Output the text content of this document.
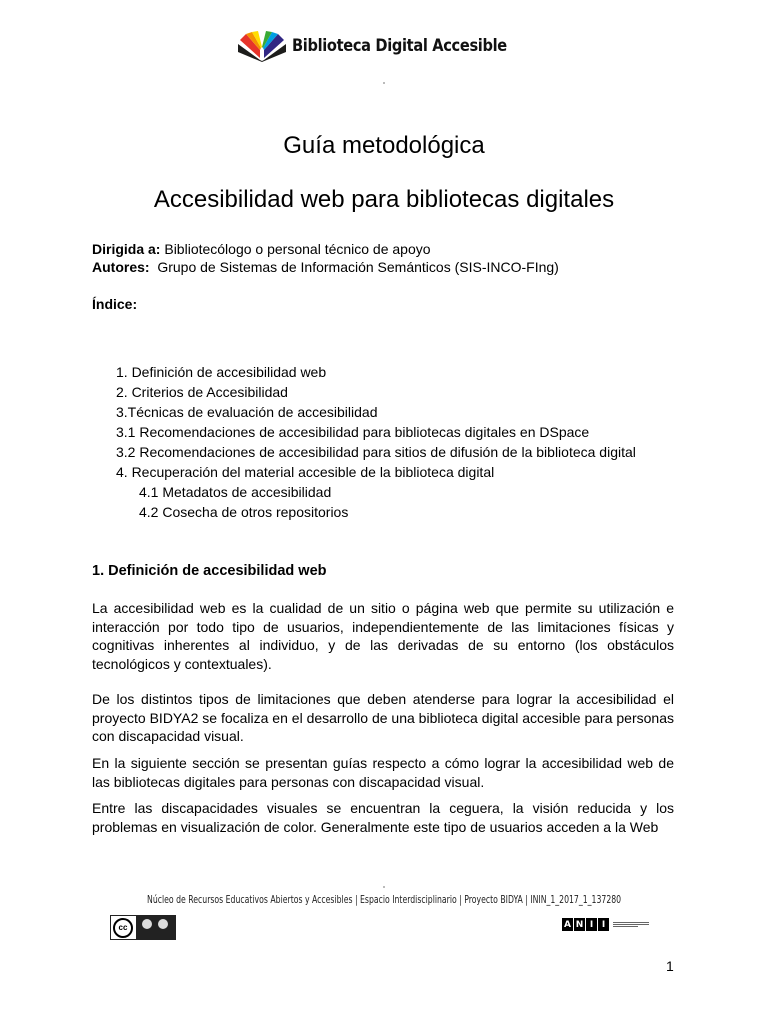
Biblioteca Digital Accesible
Guía metodológica
Accesibilidad web para bibliotecas digitales
Dirigida a: Bibliotecólogo o personal técnico de apoyo
Autores:  Grupo de Sistemas de Información Semánticos (SIS-INCO-FIng)
Índice:
1. Definición de accesibilidad web
2. Criterios de Accesibilidad
3.Técnicas de evaluación de accesibilidad
3.1 Recomendaciones de accesibilidad para bibliotecas digitales en DSpace
3.2 Recomendaciones de accesibilidad para sitios de difusión de la biblioteca digital
4. Recuperación del material accesible de la biblioteca digital
4.1 Metadatos de accesibilidad
4.2 Cosecha de otros repositorios
1. Definición de accesibilidad web

La accesibilidad web es la cualidad de un sitio o página web que permite su utilización e interacción por todo tipo de usuarios, independientemente de las limitaciones físicas y cognitivas inherentes al individuo, y de las derivadas de su entorno (los obstáculos tecnológicos y contextuales).

De los distintos tipos de limitaciones que deben atenderse para lograr la accesibilidad el proyecto BIDYA2 se focaliza en el desarrollo de una biblioteca digital accesible para personas con discapacidad visual.

En la siguiente sección se presentan guías respecto a cómo lograr la accesibilidad web de las bibliotecas digitales para personas con discapacidad visual.

Entre las discapacidades visuales se encuentran la ceguera, la visión reducida y los problemas en visualización de color. Generalmente este tipo de usuarios acceden a la Web

Núcleo de Recursos Educativos Abiertos y Accesibles | Espacio Interdisciplinario | Proyecto BIDYA | ININ_1_2017_1_137280
cc	A N I I
1
